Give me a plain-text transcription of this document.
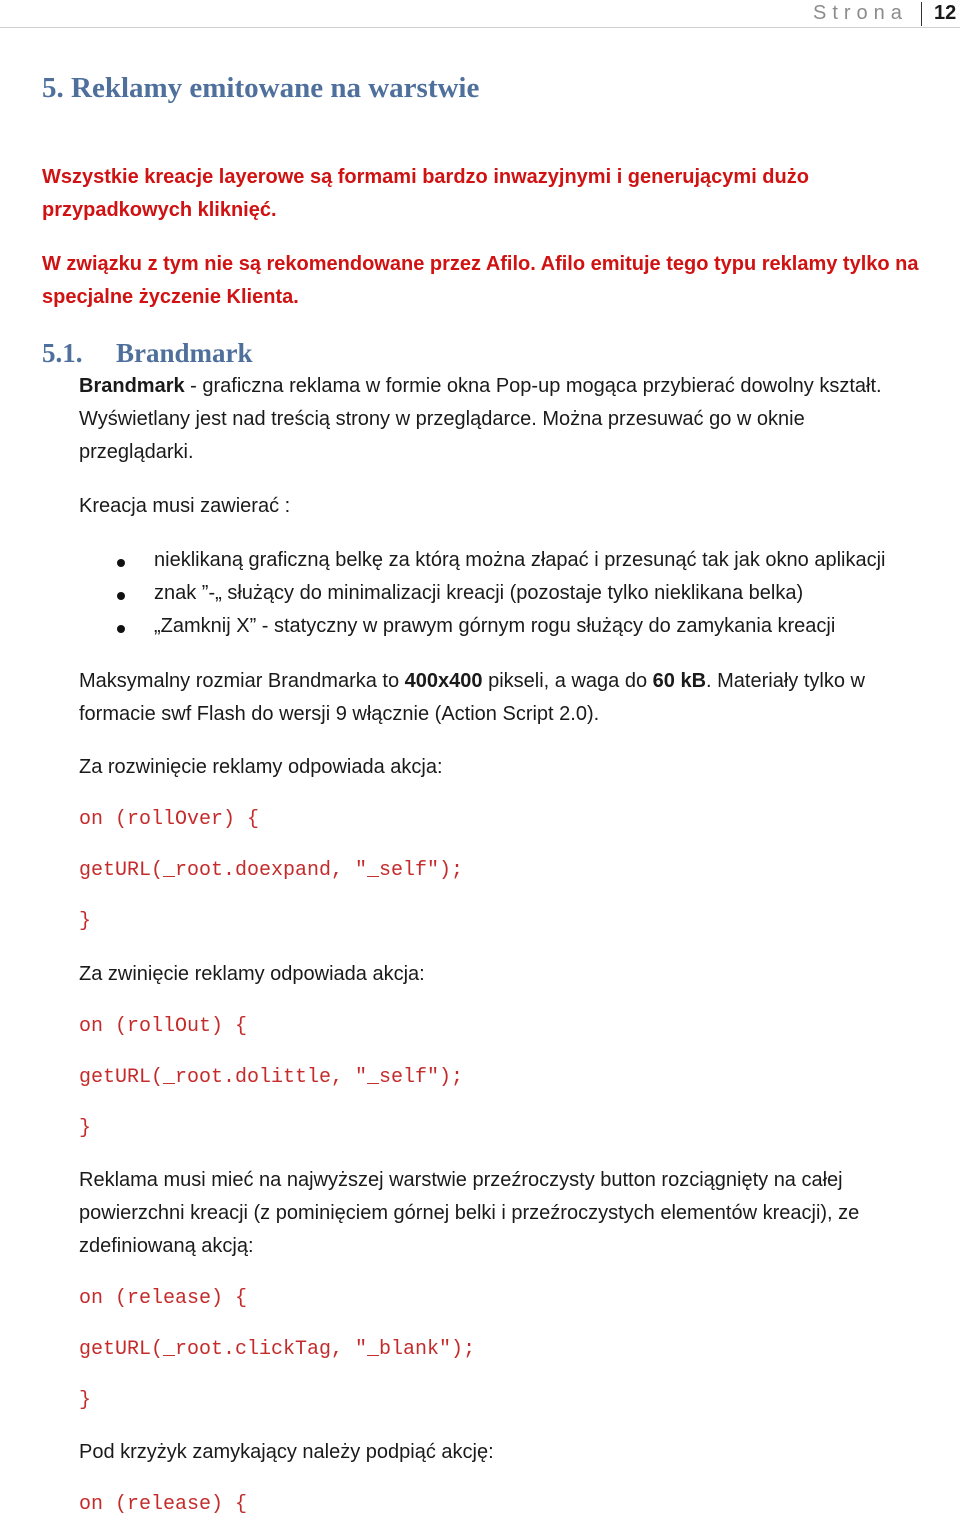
Strona 12
5. Reklamy emitowane na warstwie
Wszystkie kreacje layerowe są formami bardzo inwazyjnymi i generującymi dużo
przypadkowych kliknięć.
W związku z tym nie są rekomendowane przez Afilo. Afilo emituje tego typu reklamy tylko na
specjalne życzenie Klienta.
5.1. Brandmark
Brandmark - graficzna reklama w formie okna Pop-up mogąca przybierać dowolny kształt.
Wyświetlany jest nad treścią strony w przeglądarce. Można przesuwać go w oknie
przeglądarki.
Kreacja musi zawierać :
nieklikaną graficzną belkę za którą można złapać i przesunąć tak jak okno aplikacji
znak ”-„ służący do minimalizacji kreacji (pozostaje tylko nieklikana belka)
„Zamknij X” - statyczny w prawym górnym rogu służący do zamykania kreacji
Maksymalny rozmiar Brandmarka to 400x400 pikseli, a waga do 60 kB. Materiały tylko w
formacie swf Flash do wersji 9 włącznie (Action Script 2.0).
Za rozwinięcie reklamy odpowiada akcja:
on (rollOver) {
getURL(_root.doexpand, "_self");
}
Za zwinięcie reklamy odpowiada akcja:
on (rollOut) {
getURL(_root.dolittle, "_self");
}
Reklama musi mieć na najwyższej warstwie przeźroczysty button rozciągnięty na całej
powierzchni kreacji (z pominięciem górnej belki i przeźroczystych elementów kreacji), ze
zdefiniowaną akcją:
on (release) {
getURL(_root.clickTag, "_blank");
}
Pod krzyżyk zamykający należy podpiąć akcję:
on (release) {
